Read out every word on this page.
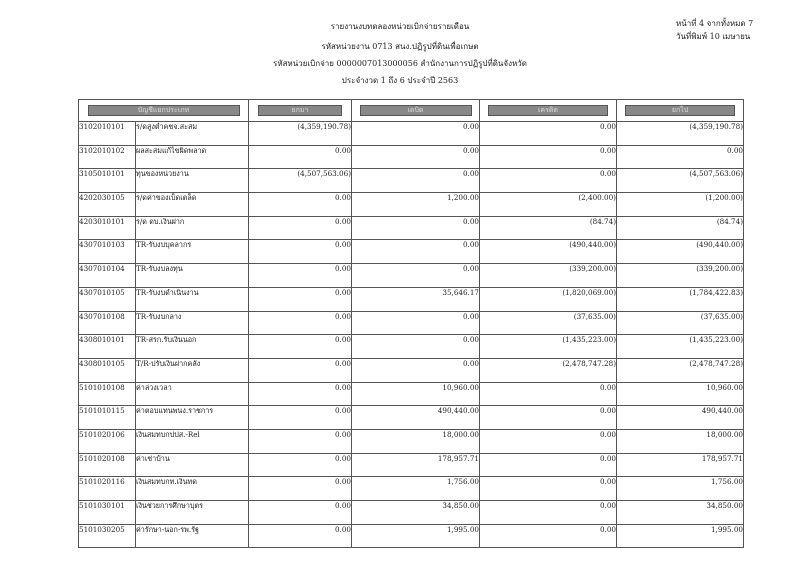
รายงานงบทดลองหน่วยเบิกจ่ายรายเดือน
รหัสหน่วยงาน 0713 สนง.ปฏิรูปที่ดินเพื่อเกษต
รหัสหน่วยเบิกจ่าย 0000007013000056 สำนักงานการปฏิรูปที่ดินจังหวัด
ประจำงวด 1 ถึง 6 ประจำปี 2563
หน้าที่ 4 จากทั้งหมด 7
วันที่พิมพ์ 10 เมษายน
บัญชีแยกประเภท		ยกมา	เดบิต	เครดิต	ยกไป

3102010101	ร/ดสูงต่ำคชจ.สะสม	(4,359,190.78)	0.00	0.00	(4,359,190.78)
3102010102	ผลสะสมแก้ไขผิดพลาด	0.00	0.00	0.00	0.00
3105010101	ทุนของหน่วยงาน	(4,507,563.06)	0.00	0.00	(4,507,563.06)
4202030105	ร/ดค่าของเบ็ดเตล็ด	0.00	1,200.00	(2,400.00)	(1,200.00)
4203010101	ร/ด ดบ.เงินฝาก	0.00	0.00	(84.74)	(84.74)
4307010103	TR-รับงบบุคลากร	0.00	0.00	(490,440.00)	(490,440.00)
4307010104	TR-รับงบลงทุน	0.00	0.00	(339,200.00)	(339,200.00)
4307010105	TR-รับงบดำเนินงาน	0.00	35,646.17	(1,820,069.00)	(1,784,422.83)
4307010108	TR-รับงบกลาง	0.00	0.00	(37,635.00)	(37,635.00)
4308010101	TR-สรก.รับเงินนอก	0.00	0.00	(1,435,223.00)	(1,435,223.00)
4308010105	T/R-ปรับเงินฝากคลัง	0.00	0.00	(2,478,747.28)	(2,478,747.28)
5101010108	ค่าล่วงเวลา	0.00	10,960.00	0.00	10,960.00
5101010115	ค่าตอบแทนพนง.ราชการ	0.00	490,440.00	0.00	490,440.00
5101020106	เงินสมทบกปปส.-Rel	0.00	18,000.00	0.00	18,000.00
5101020108	ค่าเช่าบ้าน	0.00	178,957.71	0.00	178,957.71
5101020116	เงินสมทบกท.เงินทด	0.00	1,756.00	0.00	1,756.00
5101030101	เงินช่วยการศึกษาบุตร	0.00	34,850.00	0.00	34,850.00
5101030205	ค่ารักษา-นอก-รพ.รัฐ	0.00	1,995.00	0.00	1,995.00
